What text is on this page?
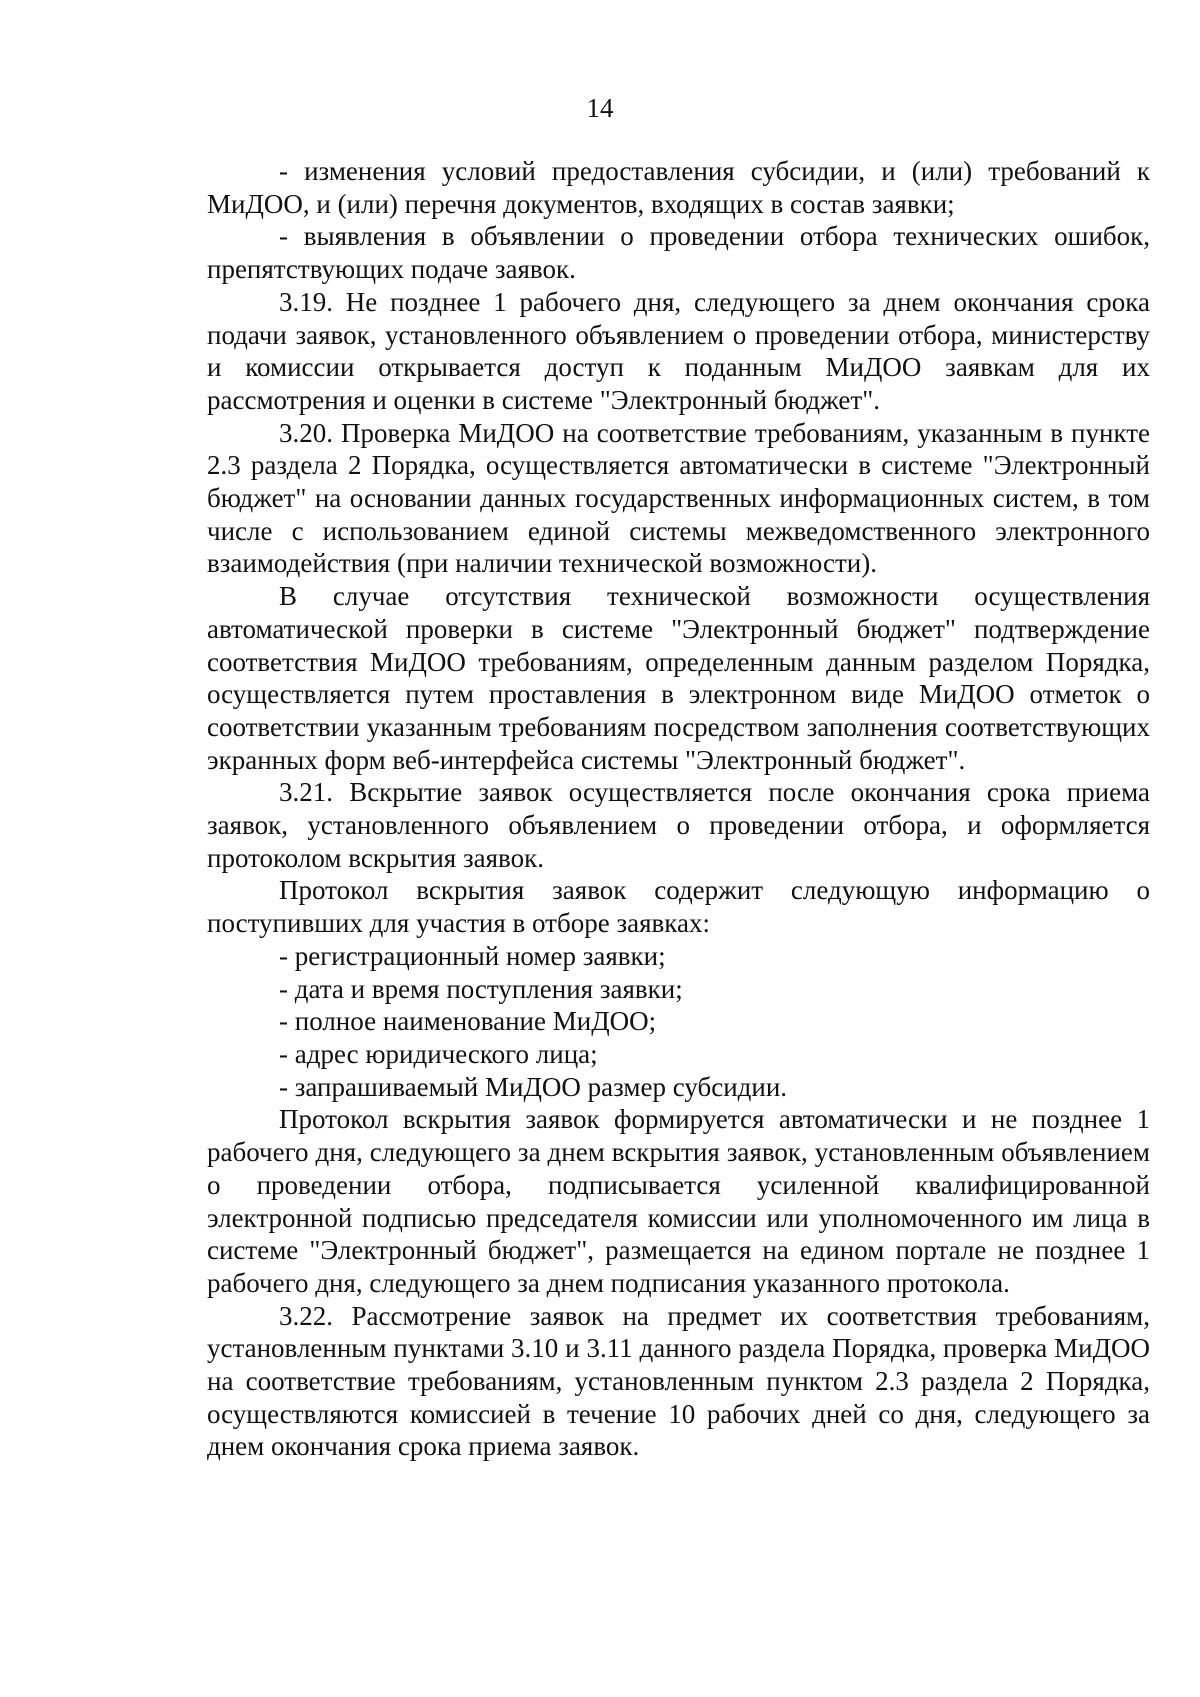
14

- изменения условий предоставления субсидии, и (или) требований к МиДОО, и (или) перечня документов, входящих в состав заявки;

- выявления в объявлении о проведении отбора технических ошибок, препятствующих подаче заявок.

3.19. Не позднее 1 рабочего дня, следующего за днем окончания срока подачи заявок, установленного объявлением о проведении отбора, министерству и комиссии открывается доступ к поданным МиДОО заявкам для их рассмотрения и оценки в системе "Электронный бюджет".

3.20. Проверка МиДОО на соответствие требованиям, указанным в пункте 2.3 раздела 2 Порядка, осуществляется автоматически в системе "Электронный бюджет" на основании данных государственных информационных систем, в том числе с использованием единой системы межведомственного электронного взаимодействия (при наличии технической возможности).

В случае отсутствия технической возможности осуществления автоматической проверки в системе "Электронный бюджет" подтверждение соответствия МиДОО требованиям, определенным данным разделом Порядка, осуществляется путем проставления в электронном виде МиДОО отметок о соответствии указанным требованиям посредством заполнения соответствующих экранных форм веб-интерфейса системы "Электронный бюджет".

3.21. Вскрытие заявок осуществляется после окончания срока приема заявок, установленного объявлением о проведении отбора, и оформляется протоколом вскрытия заявок.

Протокол вскрытия заявок содержит следующую информацию о поступивших для участия в отборе заявках:

- регистрационный номер заявки;

- дата и время поступления заявки;

- полное наименование МиДОО;

- адрес юридического лица;

- запрашиваемый МиДОО размер субсидии.

Протокол вскрытия заявок формируется автоматически и не позднее 1 рабочего дня, следующего за днем вскрытия заявок, установленным объявлением о проведении отбора, подписывается усиленной квалифицированной электронной подписью председателя комиссии или уполномоченного им лица в системе "Электронный бюджет", размещается на едином портале не позднее 1 рабочего дня, следующего за днем подписания указанного протокола.

3.22. Рассмотрение заявок на предмет их соответствия требованиям, установленным пунктами 3.10 и 3.11 данного раздела Порядка, проверка МиДОО на соответствие требованиям, установленным пунктом 2.3 раздела 2 Порядка, осуществляются комиссией в течение 10 рабочих дней со дня, следующего за днем окончания срока приема заявок.
